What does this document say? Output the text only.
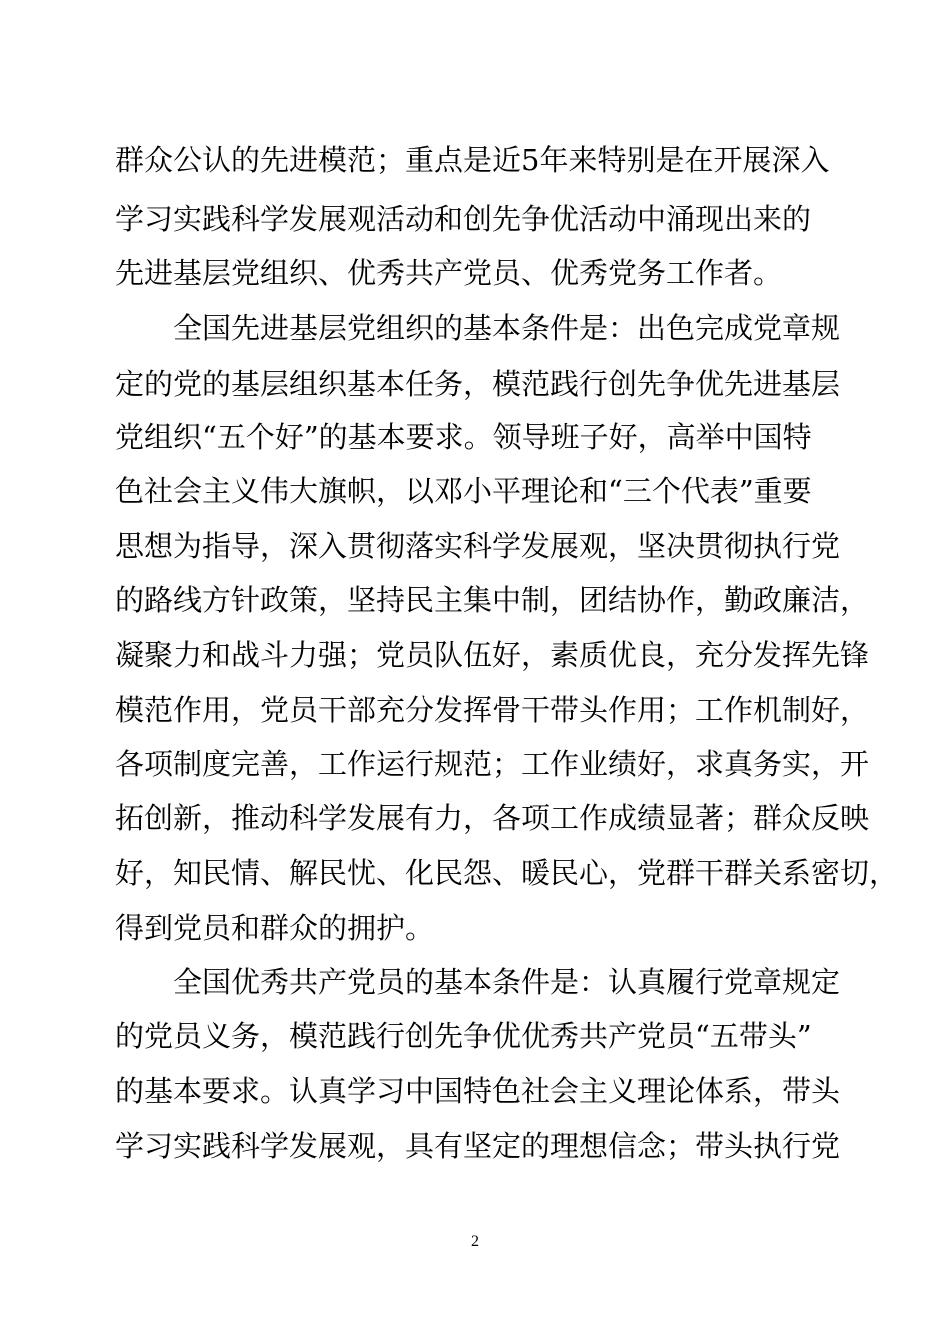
群众公认的先进模范；重点是近5年来特别是在开展深入
学习实践科学发展观活动和创先争优活动中涌现出来的
先进基层党组织、优秀共产党员、优秀党务工作者。
全国先进基层党组织的基本条件是：出色完成党章规
定的党的基层组织基本任务，模范践行创先争优先进基层
党组织“五个好”的基本要求。领导班子好，高举中国特
色社会主义伟大旗帜，以邓小平理论和“三个代表”重要
思想为指导，深入贯彻落实科学发展观，坚决贯彻执行党
的路线方针政策，坚持民主集中制，团结协作，勤政廉洁，
凝聚力和战斗力强；党员队伍好，素质优良，充分发挥先锋
模范作用，党员干部充分发挥骨干带头作用；工作机制好，
各项制度完善，工作运行规范；工作业绩好，求真务实，开
拓创新，推动科学发展有力，各项工作成绩显著；群众反映
好，知民情、解民忧、化民怨、暖民心，党群干群关系密切，
得到党员和群众的拥护。
全国优秀共产党员的基本条件是：认真履行党章规定
的党员义务，模范践行创先争优优秀共产党员“五带头”
的基本要求。认真学习中国特色社会主义理论体系，带头
学习实践科学发展观，具有坚定的理想信念；带头执行党
2
